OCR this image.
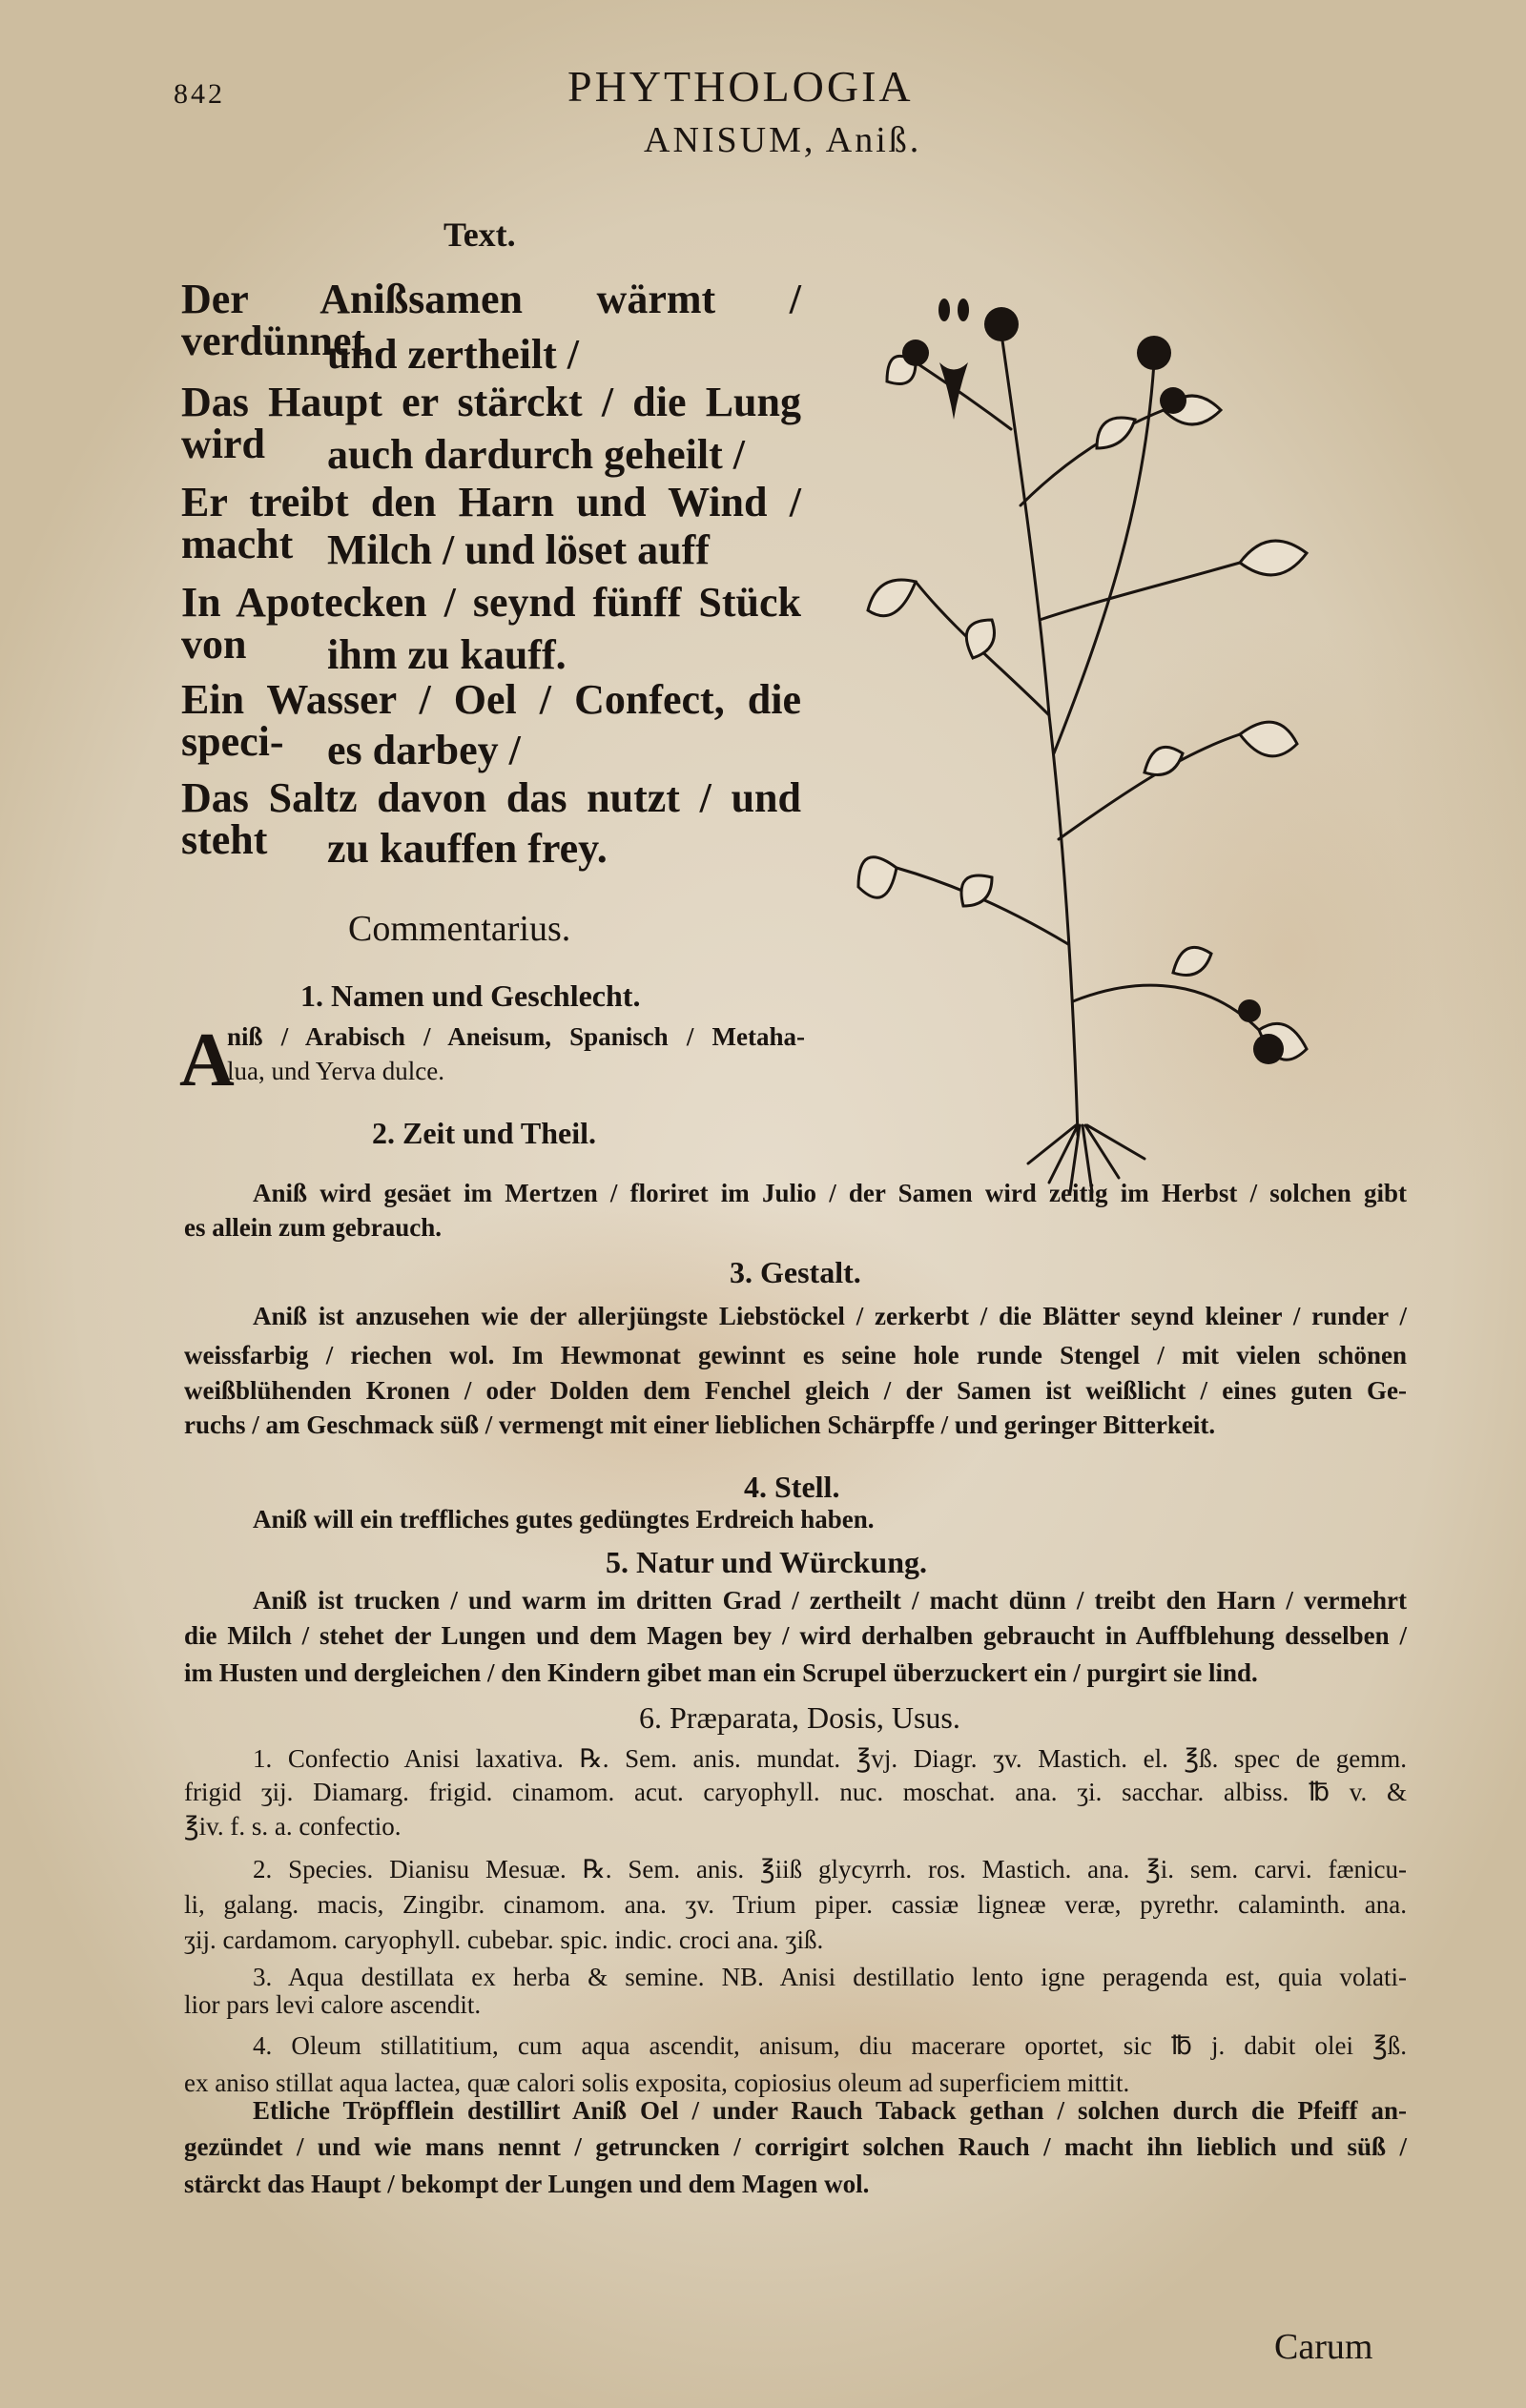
842	PHYTHOLOGIA
ANISUM, Aniß.
Text.
Der Anißsamen wärmt / verdünnet
und zertheilt /
Das Haupt er stärckt / die Lung wird	auch dardurch geheilt /
Er treibt den Harn und Wind / macht Milch / und löset auff
In Apotecken / seynd fünff Stück von	ihm zu kauff.
Ein Wasser / Oel / Confect, die speci-	es darbey /
Das Saltz davon das nutzt / und steht	zu kauffen frey.
Commentarius.
1. Namen und Geschlecht.
A
niß / Arabisch / Aneisum, Spanisch / Metaha-
lua, und Yerva dulce.
2. Zeit und Theil.
Aniß wird gesäet im Mertzen / floriret im Julio / der Samen wird zeitig im Herbst / solchen gibt
es allein zum gebrauch.
3. Gestalt.
Aniß ist anzusehen wie der allerjüngste Liebstöckel / zerkerbt / die Blätter seynd kleiner / runder /
weissfarbig / riechen wol. Im Hewmonat gewinnt es seine hole runde Stengel / mit vielen schönen
weißblühenden Kronen / oder Dolden dem Fenchel gleich / der Samen ist weißlicht / eines guten Ge-
ruchs / am Geschmack süß / vermengt mit einer lieblichen Schärpffe / und geringer Bitterkeit.
4. Stell.
Aniß will ein treffliches gutes gedüngtes Erdreich haben.
5. Natur und Würckung.
Aniß ist trucken / und warm im dritten Grad / zertheilt / macht dünn / treibt den Harn / vermehrt
die Milch / stehet der Lungen und dem Magen bey / wird derhalben gebraucht in Auffblehung desselben /
im Husten und dergleichen / den Kindern gibet man ein Scrupel überzuckert ein / purgirt sie lind.
6. Præparata, Dosis, Usus.
1. Confectio Anisi laxativa. ℞. Sem. anis. mundat. ℥vj. Diagr. ʒv. Mastich. el. ℥ß. spec de gemm.
frigid ʒij. Diamarg. frigid. cinamom. acut. caryophyll. nuc. moschat. ana. ʒi. sacchar. albiss. ℔ v. &
℥iv. f. s. a. confectio.
2. Species. Dianisu Mesuæ. ℞. Sem. anis. ℥iiß glycyrrh. ros. Mastich. ana. ℥i. sem. carvi. fænicu-
li, galang. macis, Zingibr. cinamom. ana. ʒv. Trium piper. cassiæ ligneæ veræ, pyrethr. calaminth. ana.
ʒij. cardamom. caryophyll. cubebar. spic. indic. croci ana. ʒiß.
3. Aqua destillata ex herba & semine. NB. Anisi destillatio lento igne peragenda est, quia volati-
lior pars levi calore ascendit.
4. Oleum stillatitium, cum aqua ascendit, anisum, diu macerare oportet, sic ℔ j. dabit olei ℥ß.
ex aniso stillat aqua lactea, quæ calori solis exposita, copiosius oleum ad superficiem mittit.
Etliche Tröpfflein destillirt Aniß Oel / under Rauch Taback gethan / solchen durch die Pfeiff an-
gezündet / und wie mans nennt / getruncken / corrigirt solchen Rauch / macht ihn lieblich und süß /
stärckt das Haupt / bekompt der Lungen und dem Magen wol.
Carum
